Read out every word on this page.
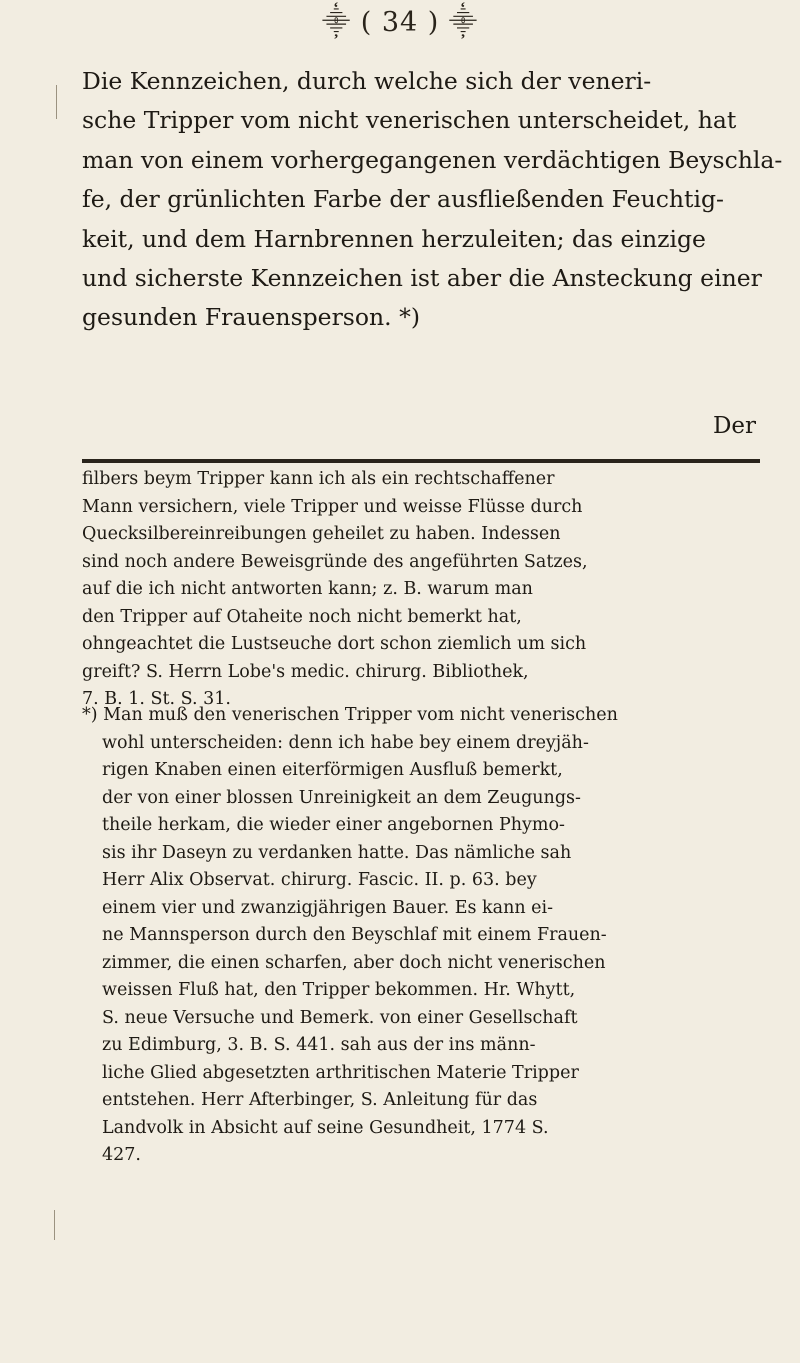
⸎ ( 34 ) ⸎
Die Kennzeichen, durch welche sich der veneri-
sche Tripper vom nicht venerischen unterscheidet, hat
man von einem vorhergegangenen verdächtigen Beyschla-
fe, der grünlichten Farbe der ausfließenden Feuchtig-
keit, und dem Harnbrennen herzuleiten; das einzige
und sicherste Kennzeichen ist aber die Ansteckung einer
gesunden Frauensperson. *)
Der
filbers beym Tripper kann ich als ein rechtschaffener
Mann versichern, viele Tripper und weisse Flüsse durch
Quecksilbereinreibungen geheilet zu haben. Indessen
sind noch andere Beweisgründe des angeführten Satzes,
auf die ich nicht antworten kann; z. B. warum man
den Tripper auf Otaheite noch nicht bemerkt hat,
ohngeachtet die Lustseuche dort schon ziemlich um sich
greift? S. Herrn Lobe's medic. chirurg. Bibliothek,
7. B. 1. St. S. 31.
*) Man muß den venerischen Tripper vom nicht venerischen
wohl unterscheiden: denn ich habe bey einem dreyjäh-
rigen Knaben einen eiterförmigen Ausfluß bemerkt,
der von einer blossen Unreinigkeit an dem Zeugungs-
theile herkam, die wieder einer angebornen Phymo-
sis ihr Daseyn zu verdanken hatte. Das nämliche sah
Herr Alix Observat. chirurg. Fascic. II. p. 63. bey
einem vier und zwanzigjährigen Bauer. Es kann ei-
ne Mannsperson durch den Beyschlaf mit einem Frauen-
zimmer, die einen scharfen, aber doch nicht venerischen
weissen Fluß hat, den Tripper bekommen. Hr. Whytt,
S. neue Versuche und Bemerk. von einer Gesellschaft
zu Edimburg, 3. B. S. 441. sah aus der ins männ-
liche Glied abgesetzten arthritischen Materie Tripper
entstehen. Herr Afterbinger, S. Anleitung für das
Landvolk in Absicht auf seine Gesundheit, 1774 S.
427.
